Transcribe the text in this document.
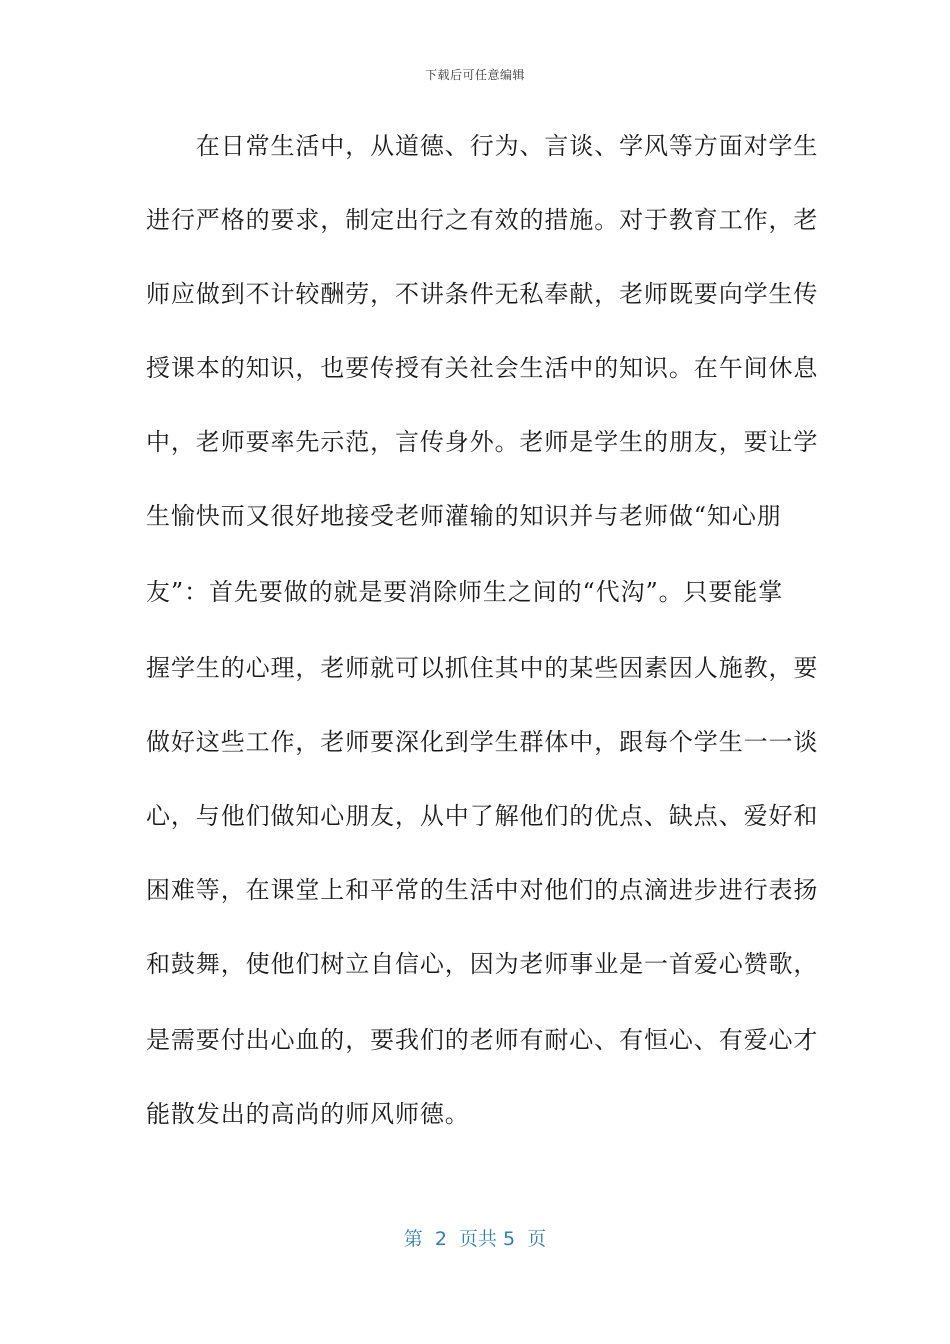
下载后可任意编辑
　　在日常生活中，从道德、行为、言谈、学风等方面对学生
进行严格的要求，制定出行之有效的措施。对于教育工作，老
师应做到不计较酬劳，不讲条件无私奉献，老师既要向学生传
授课本的知识，也要传授有关社会生活中的知识。在午间休息
中，老师要率先示范，言传身外。老师是学生的朋友，要让学
生愉快而又很好地接受老师灌输的知识并与老师做“知心朋
友”：首先要做的就是要消除师生之间的“代沟”。只要能掌
握学生的心理，老师就可以抓住其中的某些因素因人施教，要
做好这些工作，老师要深化到学生群体中，跟每个学生一一谈
心，与他们做知心朋友，从中了解他们的优点、缺点、爱好和
困难等，在课堂上和平常的生活中对他们的点滴进步进行表扬
和鼓舞，使他们树立自信心，因为老师事业是一首爱心赞歌，
是需要付出心血的，要我们的老师有耐心、有恒心、有爱心才
能散发出的高尚的师风师德。
第  2  页共 5  页
